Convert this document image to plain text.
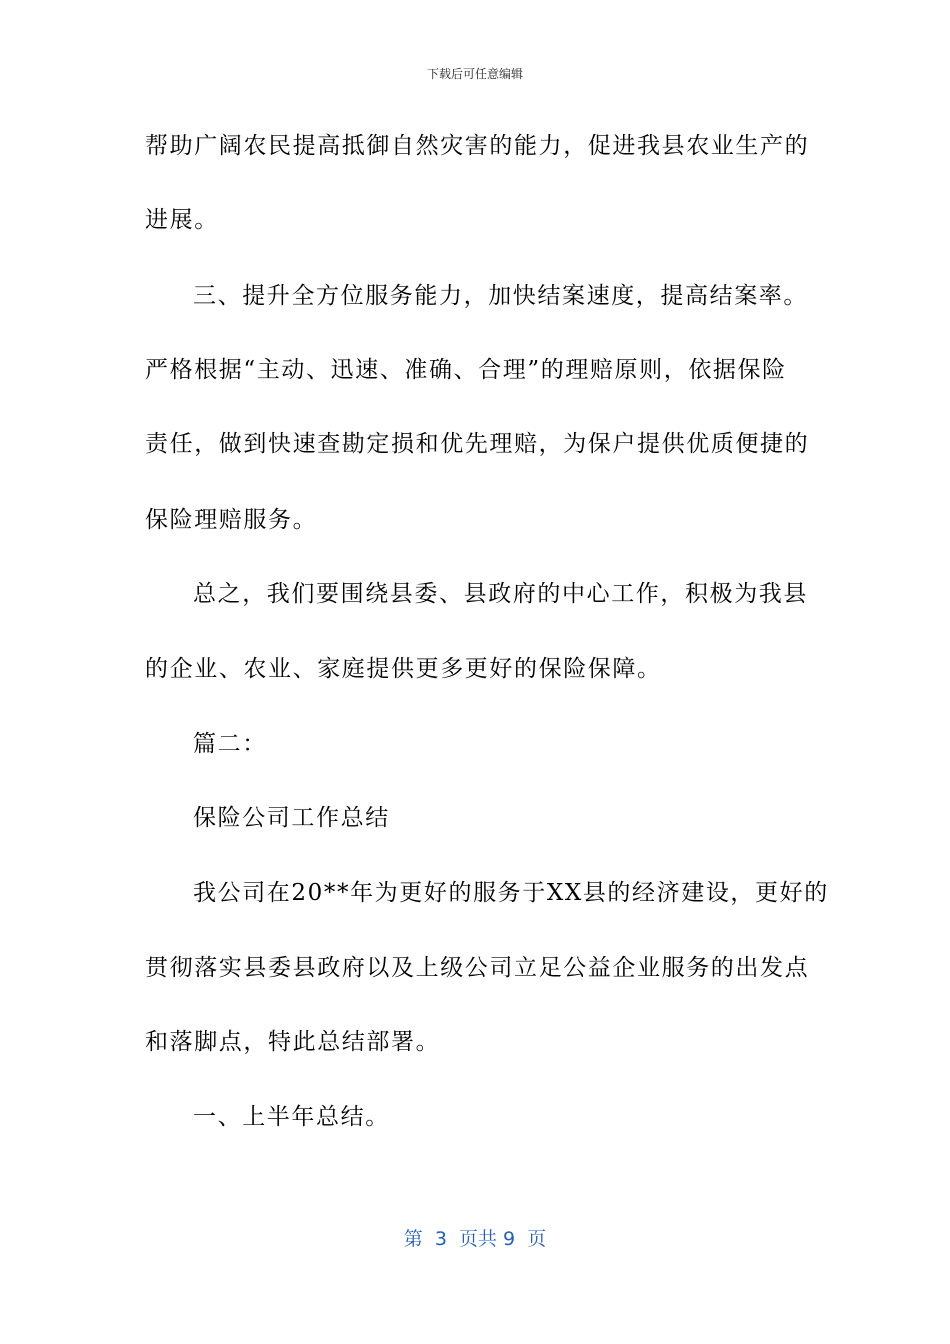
下载后可任意编辑
帮助广阔农民提高抵御自然灾害的能力，促进我县农业生产的
进展。
三、提升全方位服务能力，加快结案速度，提高结案率。
严格根据“主动、迅速、准确、合理”的理赔原则，依据保险
责任，做到快速查勘定损和优先理赔，为保户提供优质便捷的
保险理赔服务。
总之，我们要围绕县委、县政府的中心工作，积极为我县
的企业、农业、家庭提供更多更好的保险保障。
篇二：
保险公司工作总结
我公司在20**年为更好的服务于XX县的经济建设，更好的
贯彻落实县委县政府以及上级公司立足公益企业服务的出发点
和落脚点，特此总结部署。
一、上半年总结。
第  3  页共 9  页
